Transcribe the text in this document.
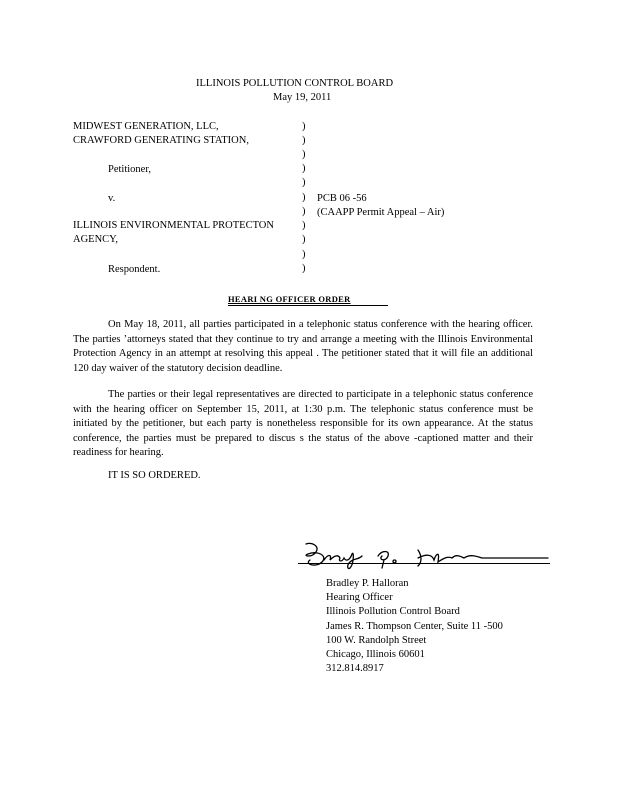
ILLINOIS POLLUTION CONTROL BOARD
May 19, 2011
MIDWEST GENERATION, LLC,
CRAWFORD GENERATING STATION,
Petitioner,
v.
ILLINOIS ENVIRONMENTAL PROTECTON
AGENCY,
Respondent.
)
)
)
)
)
)
)
)
)
)
)
PCB 06 -56
(CAAPP Permit Appeal – Air)
HEARI NG OFFICER ORDER
On May 18, 2011, all parties participated in a telephonic status conference with the hearing officer. The parties ’attorneys stated that they continue to try and arrange a meeting with the Illinois Environmental Protection Agency in an attempt at resolving this appeal . The petitioner stated that it will file an additional 120 day waiver of the statutory decision deadline.
The parties or their legal representatives are directed to participate in a telephonic status conference with the hearing officer on September 15, 2011, at 1:30 p.m. The telephonic status conference must be initiated by the petitioner, but each party is nonetheless responsible for its own appearance. At the status conference, the parties must be prepared to discus s the status of the above -captioned matter and their readiness for hearing.
IT IS SO ORDERED.
Bradley P. Halloran
Hearing Officer
Illinois Pollution Control Board
James R. Thompson Center, Suite 11 -500
100 W. Randolph Street
Chicago, Illinois 60601
312.814.8917
